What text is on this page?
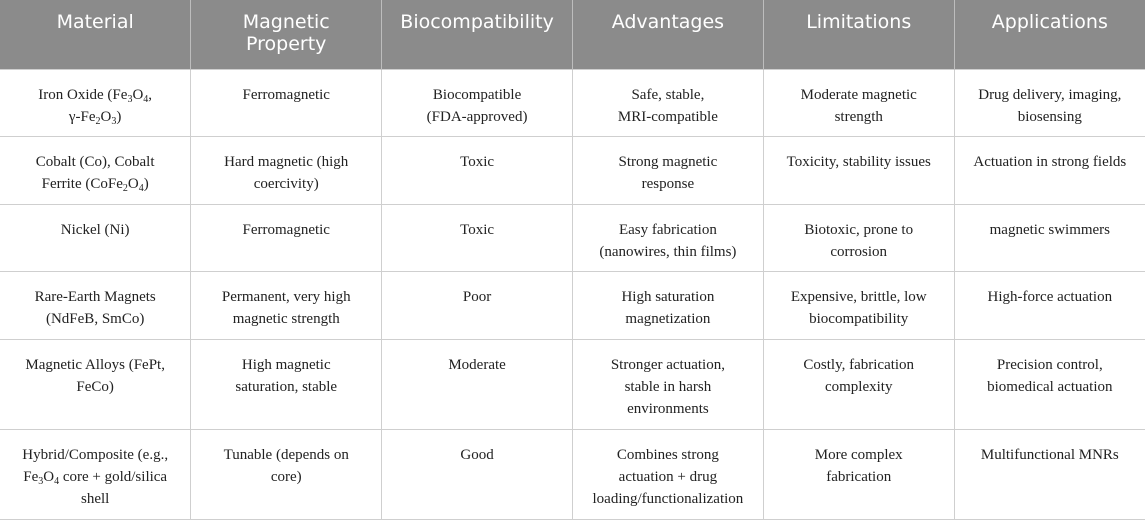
Material	Magnetic
Property	Biocompatibility	Advantages	Limitations	Applications

Iron Oxide ($Fe_3O_4$,
$\gamma-Fe_2O_3$)	Ferromagnetic	Biocompatible
(FDA-approved)	Safe, stable,
MRI-compatible	Moderate magnetic
strength	Drug delivery, imaging,
biosensing

Cobalt (Co), Cobalt
Ferrite $(CoFe_2O_4)$	Hard magnetic (high
coercivity)	Toxic	Strong magnetic
response	Toxicity, stability issues	Actuation in strong fields

Nickel (Ni)	Ferromagnetic	Toxic	Easy fabrication
(nanowires, thin films)	Biotoxic, prone to
corrosion	magnetic swimmers

Rare-Earth Magnets
(NdFeB, SmCo)	Permanent, very high
magnetic strength	Poor	High saturation
magnetization	Expensive, brittle, low
biocompatibility	High-force actuation

Magnetic Alloys (FePt,
FeCo)	High magnetic
saturation, stable	Moderate	Stronger actuation,
stable in harsh
environments	Costly, fabrication
complexity	Precision control,
biomedical actuation

Hybrid/Composite (e.g.,
$Fe_3O_4$ core + gold/silica
shell	Tunable (depends on
core)	Good	Combines strong
actuation + drug
loading/functionalization	More complex
fabrication	Multifunctional MNRs
